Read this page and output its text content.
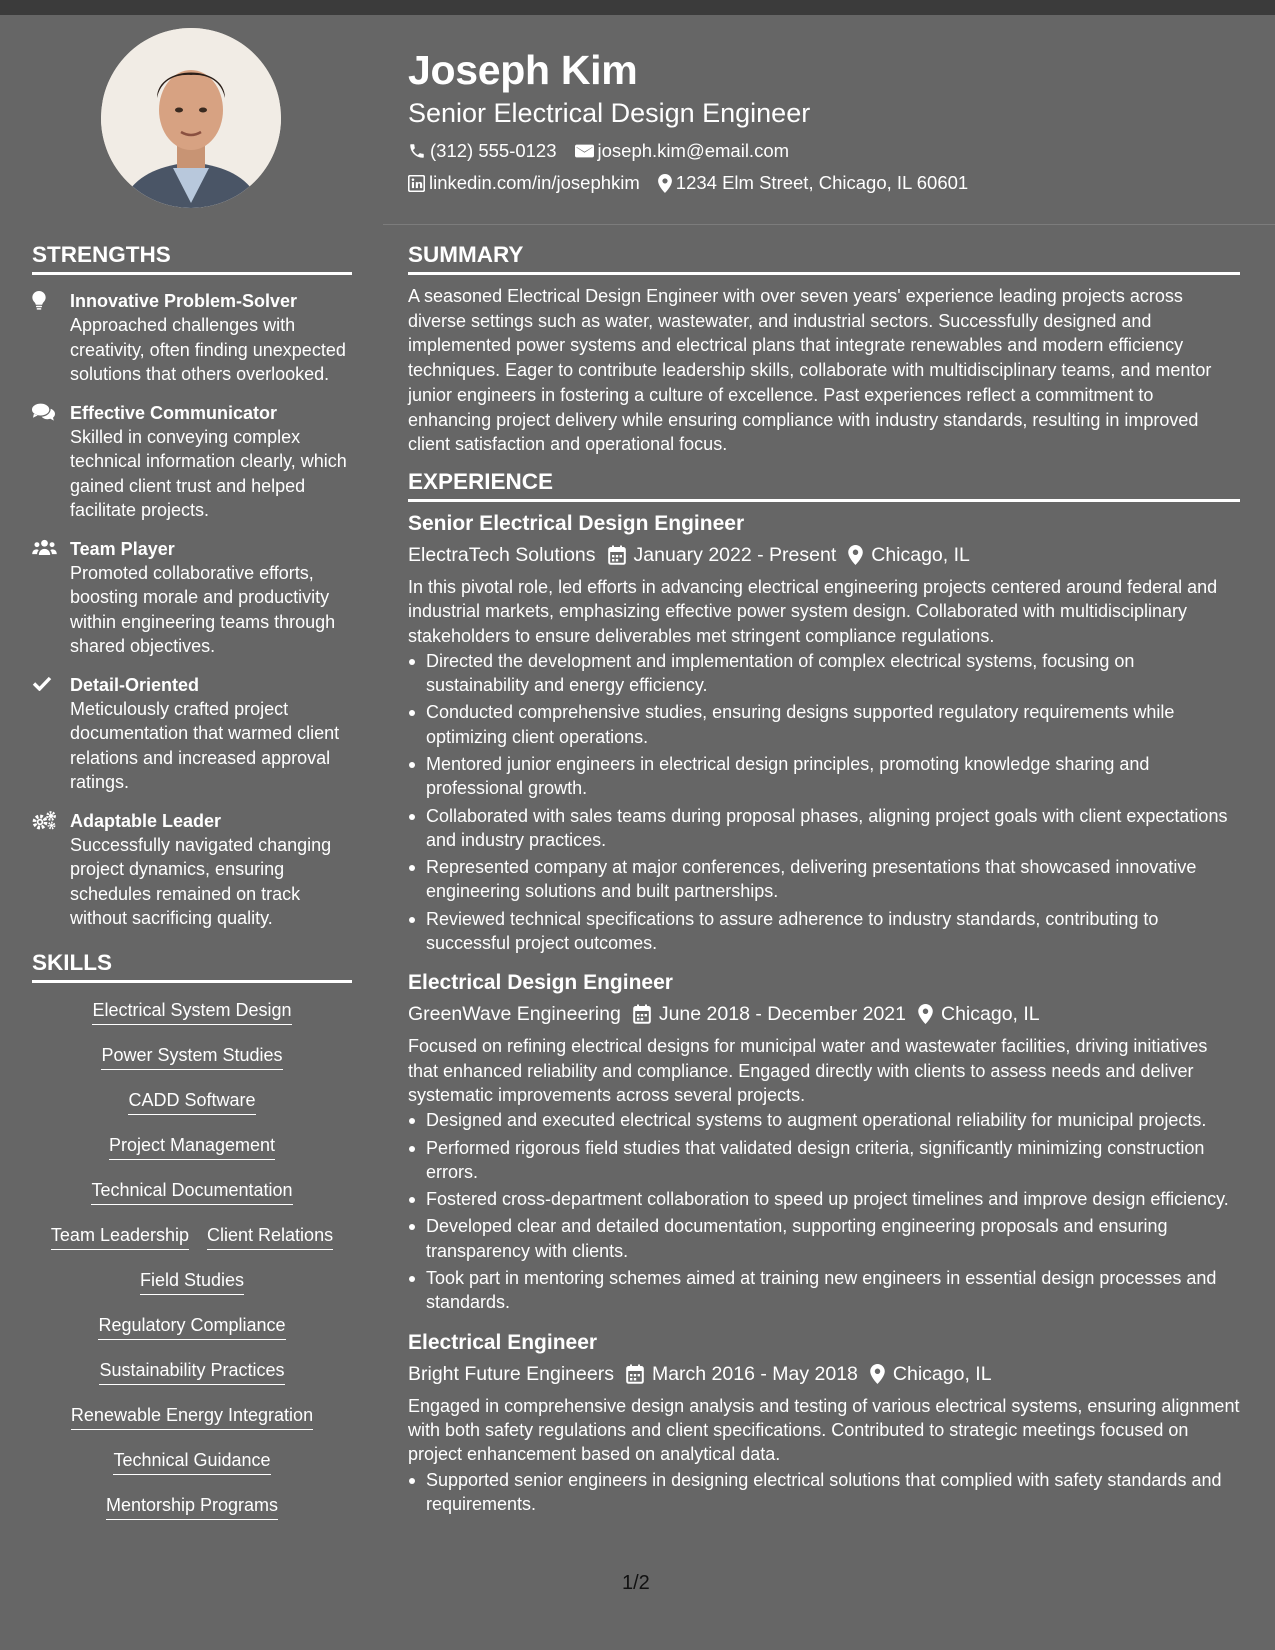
Joseph Kim
Senior Electrical Design Engineer
(312) 555-0123 joseph.kim@email.com
linkedin.com/in/josephkim 1234 Elm Street, Chicago, IL 60601
STRENGTHS
Innovative Problem-Solver
Approached challenges with creativity, often finding unexpected solutions that others overlooked.
Effective Communicator
Skilled in conveying complex technical information clearly, which gained client trust and helped facilitate projects.
Team Player
Promoted collaborative efforts, boosting morale and productivity within engineering teams through shared objectives.
Detail-Oriented
Meticulously crafted project documentation that warmed client relations and increased approval ratings.
Adaptable Leader
Successfully navigated changing project dynamics, ensuring schedules remained on track without sacrificing quality.
SKILLS
Electrical System Design
Power System Studies
CADD Software
Project Management
Technical Documentation
Team Leadership Client Relations
Field Studies
Regulatory Compliance
Sustainability Practices
Renewable Energy Integration
Technical Guidance
Mentorship Programs
SUMMARY
A seasoned Electrical Design Engineer with over seven years' experience leading projects across diverse settings such as water, wastewater, and industrial sectors. Successfully designed and implemented power systems and electrical plans that integrate renewables and modern efficiency techniques. Eager to contribute leadership skills, collaborate with multidisciplinary teams, and mentor junior engineers in fostering a culture of excellence. Past experiences reflect a commitment to enhancing project delivery while ensuring compliance with industry standards, resulting in improved client satisfaction and operational focus.
EXPERIENCE
Senior Electrical Design Engineer
ElectraTech Solutions January 2022 - Present Chicago, IL
In this pivotal role, led efforts in advancing electrical engineering projects centered around federal and industrial markets, emphasizing effective power system design. Collaborated with multidisciplinary stakeholders to ensure deliverables met stringent compliance regulations.
Directed the development and implementation of complex electrical systems, focusing on sustainability and energy efficiency.
Conducted comprehensive studies, ensuring designs supported regulatory requirements while optimizing client operations.
Mentored junior engineers in electrical design principles, promoting knowledge sharing and professional growth.
Collaborated with sales teams during proposal phases, aligning project goals with client expectations and industry practices.
Represented company at major conferences, delivering presentations that showcased innovative engineering solutions and built partnerships.
Reviewed technical specifications to assure adherence to industry standards, contributing to successful project outcomes.
Electrical Design Engineer
GreenWave Engineering June 2018 - December 2021 Chicago, IL
Focused on refining electrical designs for municipal water and wastewater facilities, driving initiatives that enhanced reliability and compliance. Engaged directly with clients to assess needs and deliver systematic improvements across several projects.
Designed and executed electrical systems to augment operational reliability for municipal projects.
Performed rigorous field studies that validated design criteria, significantly minimizing construction errors.
Fostered cross-department collaboration to speed up project timelines and improve design efficiency.
Developed clear and detailed documentation, supporting engineering proposals and ensuring transparency with clients.
Took part in mentoring schemes aimed at training new engineers in essential design processes and standards.
Electrical Engineer
Bright Future Engineers March 2016 - May 2018 Chicago, IL
Engaged in comprehensive design analysis and testing of various electrical systems, ensuring alignment with both safety regulations and client specifications. Contributed to strategic meetings focused on project enhancement based on analytical data.
Supported senior engineers in designing electrical solutions that complied with safety standards and requirements.
1/2
